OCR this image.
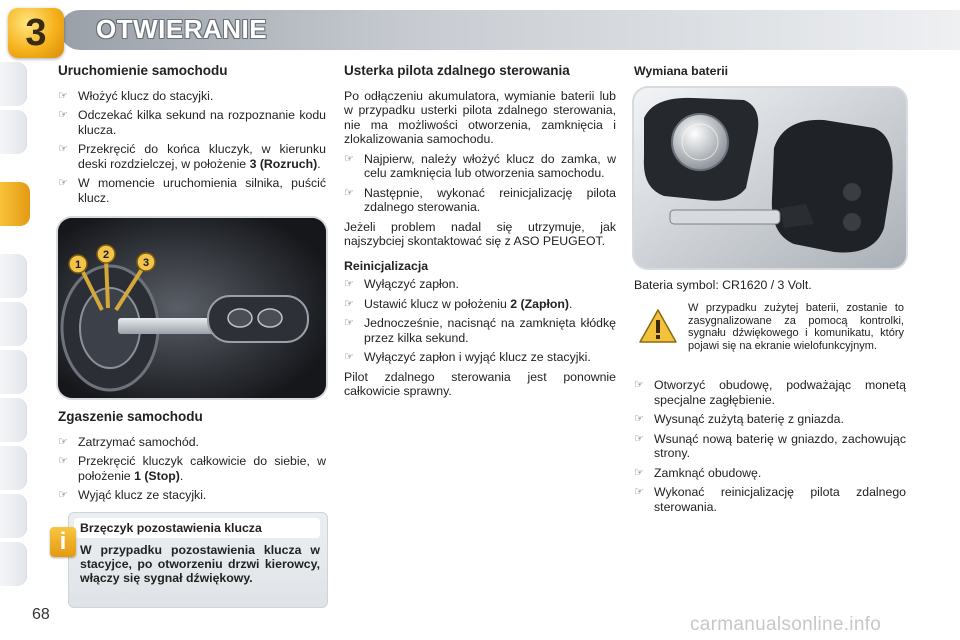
3	OTWIERANIE
Uruchomienie samochodu
☞ Włożyć klucz do stacyjki.
☞ Odczekać kilka sekund na rozpoznanie kodu klucza.
☞ Przekręcić do końca kluczyk, w kierunku deski rozdzielczej, w położenie 3 (Rozruch).
☞ W momencie uruchomienia silnika, puścić klucz.
1
2
3
Zgaszenie samochodu
☞ Zatrzymać samochód.
☞ Przekręcić kluczyk całkowicie do siebie, w położenie 1 (Stop).
☞ Wyjąć klucz ze stacyjki.
Brzęczyk pozostawienia klucza
W przypadku pozostawienia klucza w stacyjce, po otworzeniu drzwi kierowcy, włączy się sygnał dźwiękowy.
i
Usterka pilota zdalnego sterowania

Po odłączeniu akumulatora, wymianie baterii lub w przypadku usterki pilota zdalnego sterowania, nie ma możliwości otworzenia, zamknięcia i zlokalizowania samochodu.

☞ Najpierw, należy włożyć klucz do zamka, w celu zamknięcia lub otworzenia samochodu.
☞ Następnie, wykonać reinicjalizację pilota zdalnego sterowania.

Jeżeli problem nadal się utrzymuje, jak najszybciej skontaktować się z ASO PEUGEOT.

Reinicjalizacja
☞ Wyłączyć zapłon.
☞ Ustawić klucz w położeniu 2 (Zapłon).
☞ Jednocześnie, nacisnąć na zamknięta kłódkę przez kilka sekund.
☞ Wyłączyć zapłon i wyjąć klucz ze stacyjki.

Pilot zdalnego sterowania jest ponownie całkowicie sprawny.

Wymiana baterii
Bateria symbol: CR1620 / 3 Volt.
W przypadku zużytej baterii, zostanie to zasygnalizowane za pomocą kontrolki, sygnału dźwiękowego i komunikatu, który pojawi się na ekranie wielofunkcyjnym.
☞ Otworzyć obudowę, podważając monetą specjalne zagłębienie.
☞ Wysunąć zużytą baterię z gniazda.
☞ Wsunąć nową baterię w gniazdo, zachowując strony.
☞ Zamknąć obudowę.
☞ Wykonać reinicjalizację pilota zdalnego sterowania.
68	carmanualsonline.info
